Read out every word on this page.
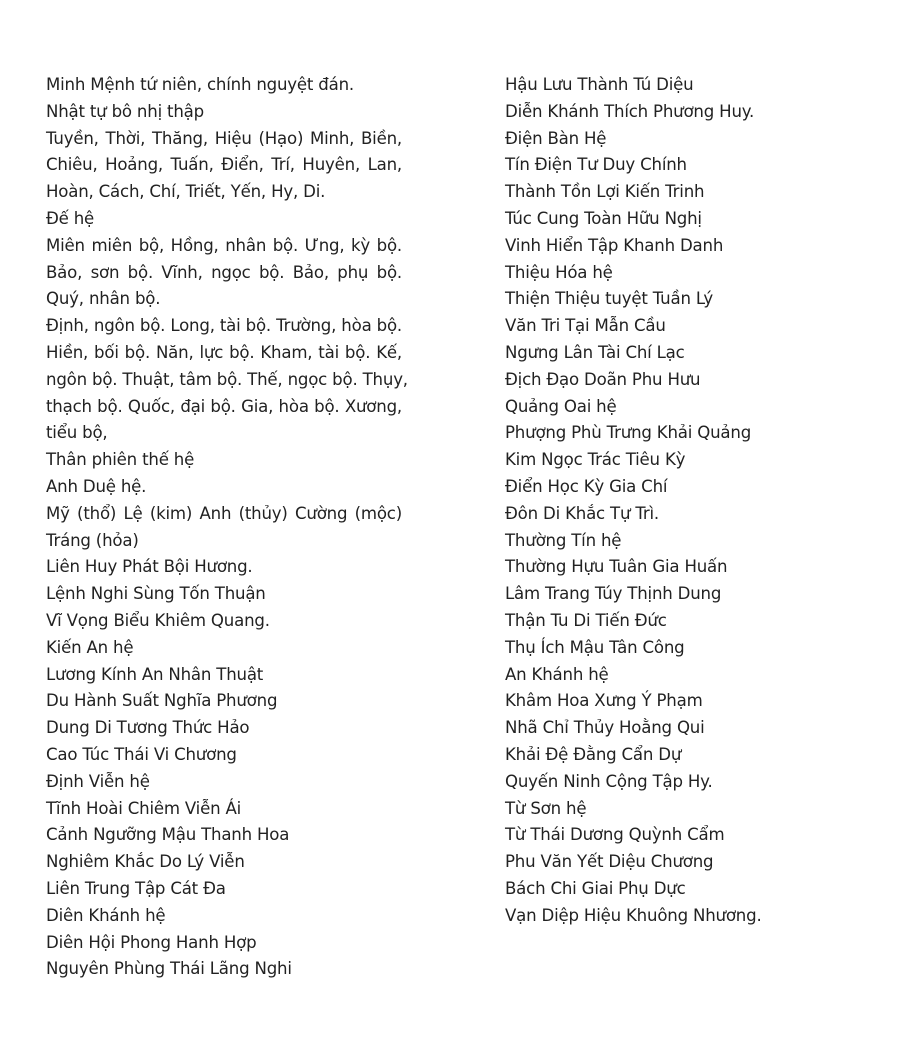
Minh Mệnh tứ niên, chính nguyệt đán.
Nhật tự bô nhị thập
Tuyền, Thời, Thăng, Hiệu (Hạo) Minh, Biền,
Chiêu, Hoảng, Tuấn, Điển, Trí, Huyên, Lan,
Hoàn, Cách, Chí, Triết, Yến, Hy, Di.
Đế hệ
Miên miên bộ, Hồng, nhân bộ. Ưng, kỳ bộ.
Bảo, sơn bộ. Vĩnh, ngọc bộ. Bảo, phụ bộ.
Quý, nhân bộ.
Định, ngôn bộ. Long, tài bộ. Trường, hòa bộ.
Hiền, bối bộ. Năn, lực bộ. Kham, tài bộ. Kế,
ngôn bộ. Thuật, tâm bộ. Thế, ngọc bộ. Thụy,
thạch bộ. Quốc, đại bộ. Gia, hòa bộ. Xương,
tiểu bộ,
Thân phiên thế hệ
Anh Duệ hệ.
Mỹ (thổ) Lệ (kim) Anh (thủy) Cường (mộc)
Tráng (hỏa)
Liên Huy Phát Bội Hương.
Lệnh Nghi Sùng Tốn Thuận
Vĩ Vọng Biểu Khiêm Quang.
Kiến An hệ
Lương Kính An Nhân Thuật
Du Hành Suất Nghĩa Phương
Dung Di Tương Thức Hảo
Cao Túc Thái Vi Chương
Định Viễn hệ
Tĩnh Hoài Chiêm Viễn Ái
Cảnh Ngưỡng Mậu Thanh Hoa
Nghiêm Khắc Do Lý Viễn
Liên Trung Tập Cát Đa
Diên Khánh hệ
Diên Hội Phong Hanh Hợp
Nguyên Phùng Thái Lãng Nghi
Hậu Lưu Thành Tú Diệu
Diễn Khánh Thích Phương Huy.
Điện Bàn Hệ
Tín Điện Tư Duy Chính
Thành Tồn Lợi Kiến Trinh
Túc Cung Toàn Hữu Nghị
Vinh Hiển Tập Khanh Danh
Thiệu Hóa hệ
Thiện Thiệu tuyệt Tuần Lý
Văn Tri Tại Mẫn Cầu
Ngưng Lân Tài Chí Lạc
Địch Đạo Doãn Phu Hưu
Quảng Oai hệ
Phượng Phù Trưng Khải Quảng
Kim Ngọc Trác Tiêu Kỳ
Điển Học Kỳ Gia Chí
Đôn Di Khắc Tự Trì.
Thường Tín hệ
Thường Hựu Tuân Gia Huấn
Lâm Trang Túy Thịnh Dung
Thận Tu Di Tiến Đức
Thụ Ích Mậu Tân Công
An Khánh hệ
Khâm Hoa Xưng Ý Phạm
Nhã Chỉ Thủy Hoằng Qui
Khải Đệ Đằng Cẩn Dự
Quyến Ninh Cộng Tập Hy.
Từ Sơn hệ
Từ Thái Dương Quỳnh Cẩm
Phu Văn Yết Diệu Chương
Bách Chi Giai Phụ Dực
Vạn Diệp Hiệu Khuông Nhương.
